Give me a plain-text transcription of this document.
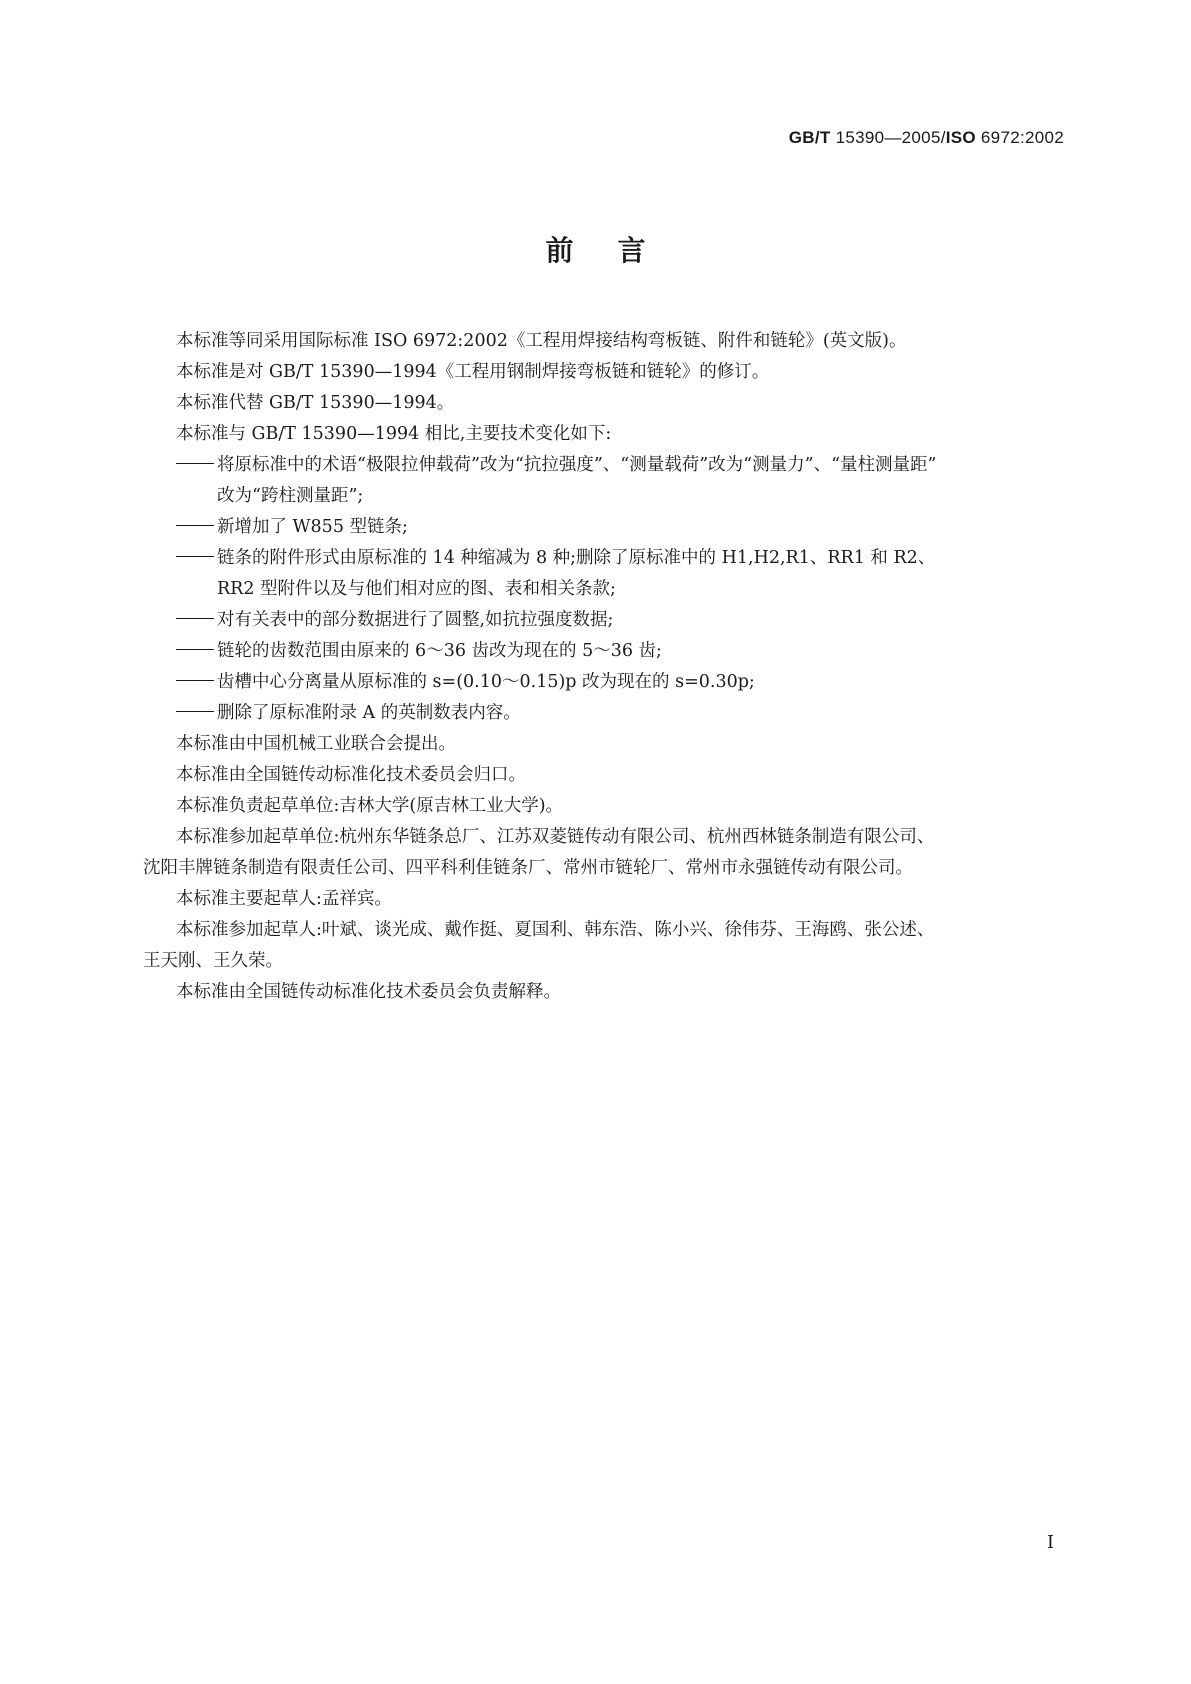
GB/T 15390—2005/ISO 6972:2002
前言

本标准等同采用国际标准 ISO 6972:2002《工程用焊接结构弯板链、附件和链轮》(英文版)。

本标准是对 GB/T 15390—1994《工程用钢制焊接弯板链和链轮》的修订。

本标准代替 GB/T 15390—1994。

本标准与 GB/T 15390—1994 相比,主要技术变化如下:

将原标准中的术语“极限拉伸载荷”改为“抗拉强度”、“测量载荷”改为“测量力”、“量柱测量距”
改为“跨柱测量距”;

新增加了 W855 型链条;

链条的附件形式由原标准的 14 种缩减为 8 种;删除了原标准中的 H1,H2,R1、RR1 和 R2、
RR2 型附件以及与他们相对应的图、表和相关条款;

对有关表中的部分数据进行了圆整,如抗拉强度数据;

链轮的齿数范围由原来的 6～36 齿改为现在的 5～36 齿;

齿槽中心分离量从原标准的 s=(0.10～0.15)p 改为现在的 s=0.30p;

删除了原标准附录 A 的英制数表内容。

本标准由中国机械工业联合会提出。

本标准由全国链传动标准化技术委员会归口。

本标准负责起草单位:吉林大学(原吉林工业大学)。

本标准参加起草单位:杭州东华链条总厂、江苏双菱链传动有限公司、杭州西林链条制造有限公司、

沈阳丰牌链条制造有限责任公司、四平科利佳链条厂、常州市链轮厂、常州市永强链传动有限公司。

本标准主要起草人:孟祥宾。

本标准参加起草人:叶斌、谈光成、戴作挺、夏国利、韩东浩、陈小兴、徐伟芬、王海鸥、张公述、

王天刚、王久荣。

本标准由全国链传动标准化技术委员会负责解释。

I
